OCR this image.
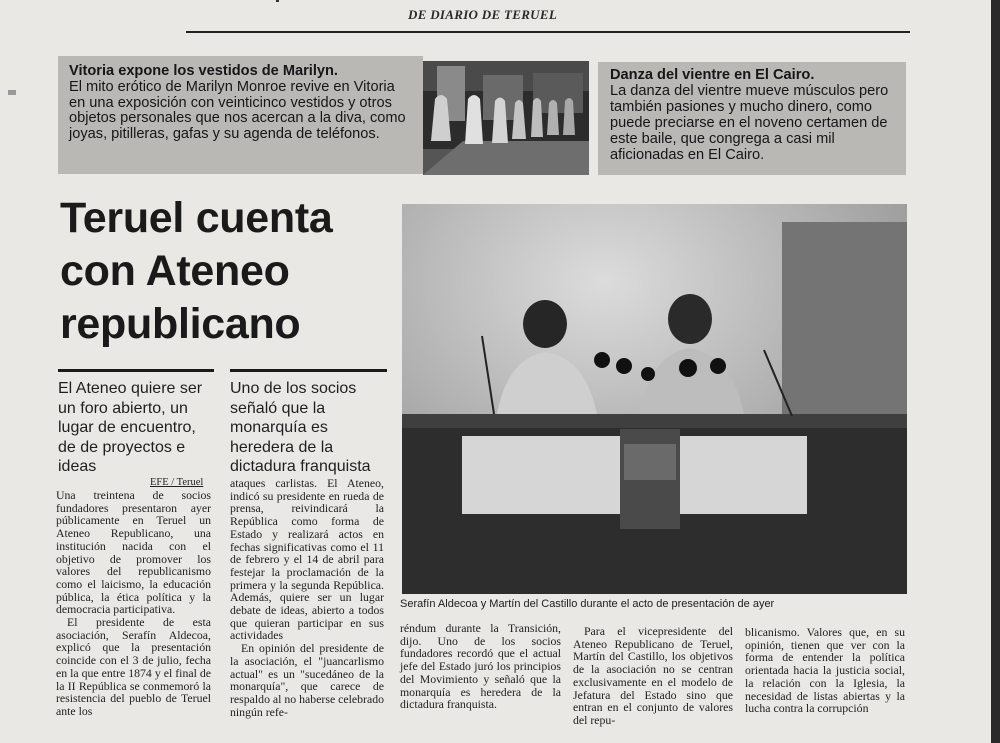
DE DIARIO DE TERUEL
Vitoria expone los vestidos de Marilyn.
El mito erótico de Marilyn Monroe revive en Vitoria en una exposición con veinticinco vestidos y otros objetos personales que nos acercan a la diva, como joyas, pitilleras, gafas y su agenda de teléfonos.
Danza del vientre en El Cairo.
La danza del vientre mueve músculos pero también pasiones y mucho dinero, como puede preciarse en el noveno certamen de este baile, que congrega a casi mil aficionadas en El Cairo.
Teruel cuenta con Ateneo republicano
El Ateneo quiere ser un foro abierto, un lugar de encuentro, de de proyectos e ideas
Uno de los socios señaló que la monarquía es heredera de la dictadura franquista
Serafín Aldecoa y Martín del Castillo durante el acto de presentación de ayer
EFE / Teruel

Una treintena de socios fundadores presentaron ayer públicamente en Teruel un Ateneo Republicano, una institución nacida con el objetivo de promover los valores del republicanismo como el laicismo, la educación pública, la ética política y la democracia participativa.

El presidente de esta asociación, Serafín Aldecoa, explicó que la presentación coincide con el 3 de julio, fecha en la que entre 1874 y el final de la II República se conmemoró la resistencia del pueblo de Teruel ante los

ataques carlistas. El Ateneo, indicó su presidente en rueda de prensa, reivindicará la República como forma de Estado y realizará actos en fechas significativas como el 11 de febrero y el 14 de abril para festejar la proclamación de la primera y la segunda República. Además, quiere ser un lugar debate de ideas, abierto a todos que quieran participar en sus actividades

En opinión del presidente de la asociación, el "juancarlismo actual" es un "sucedáneo de la monarquía", que carece de respaldo al no haberse celebrado ningún refe-

réndum durante la Transición, dijo. Uno de los socios fundadores recordó que el actual jefe del Estado juró los principios del Movimiento y señaló que la monarquía es heredera de la dictadura franquista.

Para el vicepresidente del Ateneo Republicano de Teruel, Martín del Castillo, los objetivos de la asociación no se centran exclusivamente en el modelo de Jefatura del Estado sino que entran en el conjunto de valores del repu-

blicanismo. Valores que, en su opinión, tienen que ver con la forma de entender la política orientada hacia la justicia social, la relación con la Iglesia, la necesidad de listas abiertas y la lucha contra la corrupción
